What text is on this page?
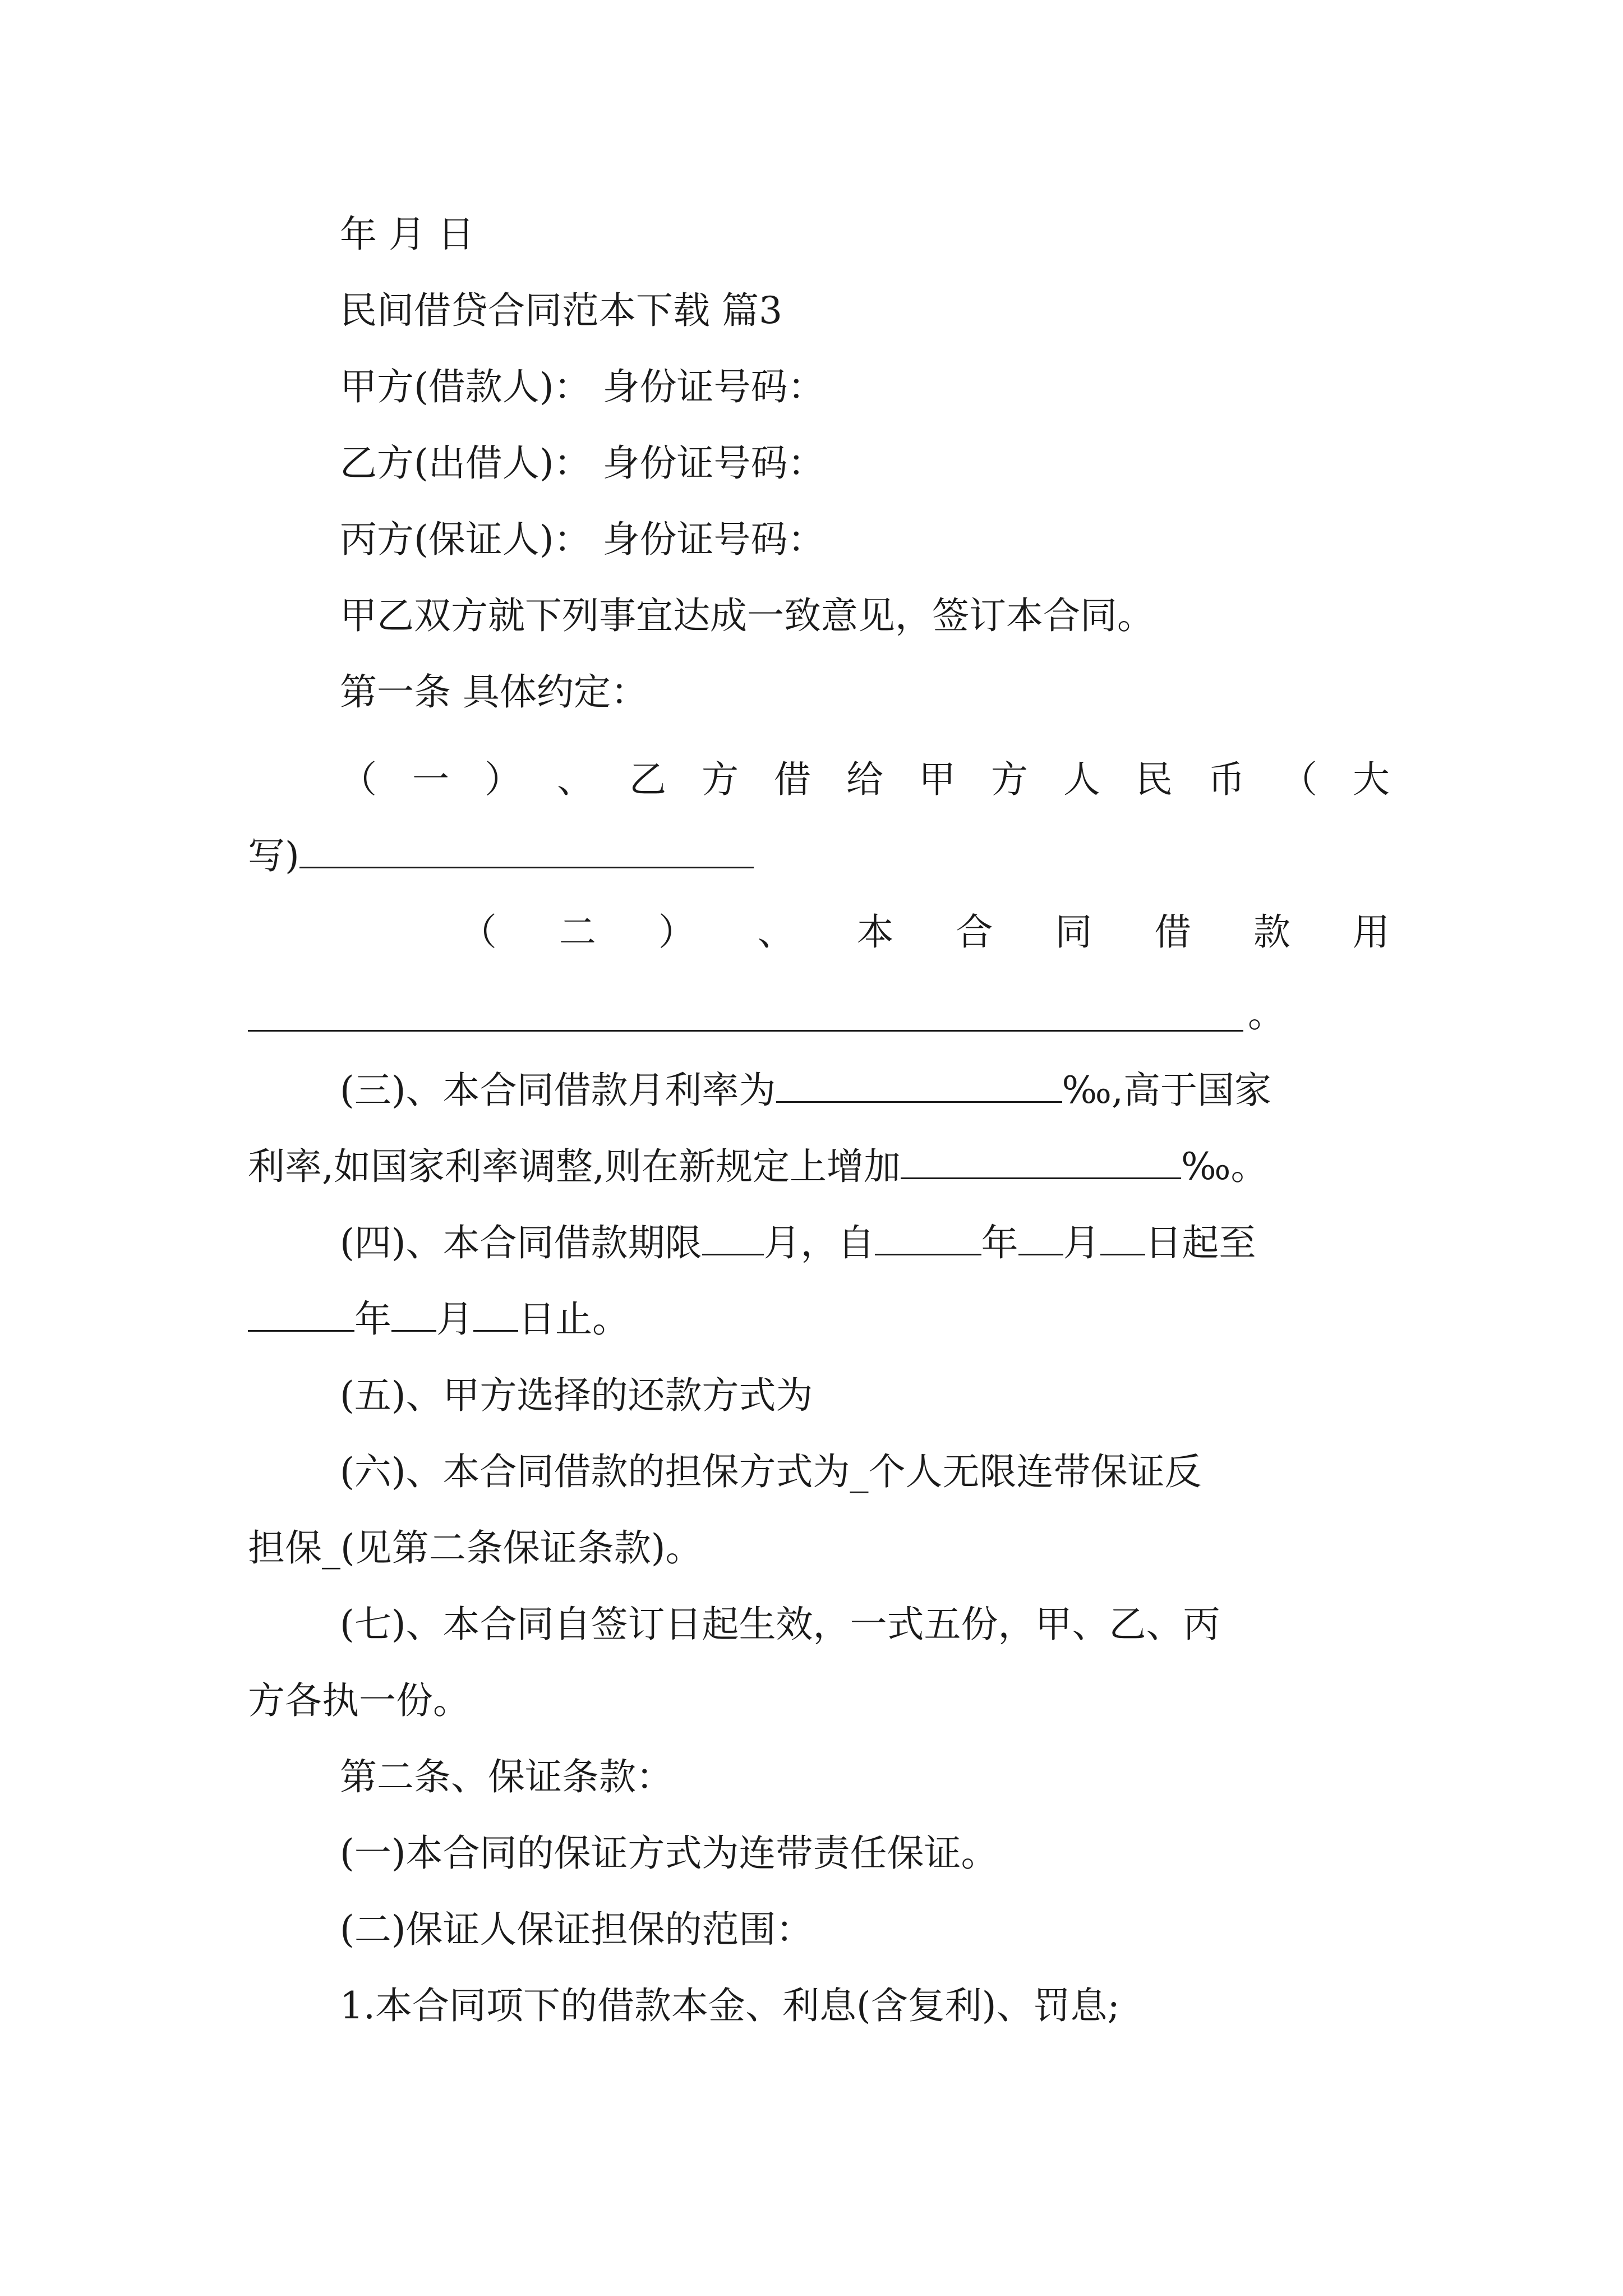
年 月 日
民间借贷合同范本下载 篇3
甲方(借款人)： 身份证号码：
乙方(出借人)： 身份证号码：
丙方(保证人)： 身份证号码：
甲乙双方就下列事宜达成一致意见，签订本合同。
第一条 具体约定：
（ 一 ） 、 乙 方 借 给 甲 方 人 民 币 （ 大
写)
（ 二 ） 、 本 合 同 借 款 用
。
(三)、本合同借款月利率为	‰,高于国家
利率,如国家利率调整,则在新规定上增加	‰。
(四)、本合同借款期限 月，自	年 月 日起至
年 月 日止。
(五)、甲方选择的还款方式为
(六)、本合同借款的担保方式为_个人无限连带保证反
担保_(见第二条保证条款)。
(七)、本合同自签订日起生效，一式五份，甲、乙、丙
方各执一份。
第二条、保证条款：
(一)本合同的保证方式为连带责任保证。
(二)保证人保证担保的范围：
1.本合同项下的借款本金、利息(含复利)、罚息;
